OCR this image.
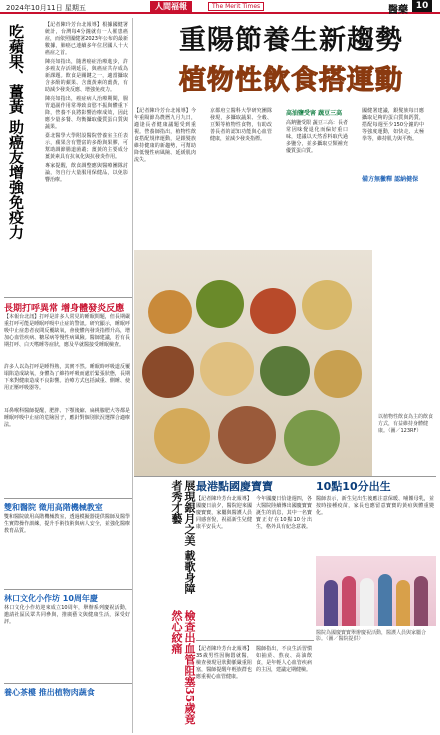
2024年10月11日 星期五	人間福報	The Merit Times	醫藥 10
吃蘋果、薑黃 助癌友增強免疫力

【記者陳玲芳台北報導】根據國健署統計，台灣每4分鐘就有一人罹患癌症，而依照國健署2023年公布的最新數據，肺癌已連續多年位居國人十大癌症之首。

陳亮如指出，隨著癌症治療進步，許多癌友存活期延長，與癌症共存成為新課題。飲食是關鍵之一，適當攝取含多酚的蘋果、含薑黃素的薑黃，有助減少發炎反應、增強免疫力。

陳亮如指出，癌症病人治療期間，腸胃道副作用常導致食慾不振與體重下降，營養不良將影響治療成效，因此應少量多餐、均衡攝取優質蛋白質與蔬果。

臺北醫學大學附設醫院營養室主任表示，蘋果含有豐富的多酚與果膠，可幫助調節腸道菌叢；薑黃的主要成分薑黃素具有抗氧化與抗發炎作用。

專家提醒，飲食調整應與醫療團隊討論，勿自行大量服用保健品，以免影響治療。

長期打呼異常 增身體發炎反應
【本報台北訊】打呼是許多人常見的睡眠問題，但長期嚴重打呼可能是睡眠呼吸中止症的警訊。研究顯示，睡眠呼吸中止症患者夜間反覆缺氧，會使體內發炎指標升高，增加心血管疾病、糖尿病等慢性病風險。醫師建議，若有長期打呼、白天嗜睡等症狀，應及早就醫接受睡眠檢查。
許多人以為打呼是睡得熟，其實不然。睡眠時呼吸道反覆塌陷造成缺氧，身體為了維持呼吸而處於緊張狀態，長期下來對健康造成不良影響。治療方式包括減重、側睡、使用正壓呼吸器等。
耳鼻喉科醫師提醒，肥胖、下顎後縮、扁桃腺肥大等都是睡眠呼吸中止症的危險因子，應針對個別狀況選擇合適療法。
雙和醫院 徵用高階機械教室
雙和醫院啟用高階機械教室，透過模擬器提供醫師及醫學生實際操作訓練，提升手術技術與病人安全，並強化醫療教育品質。
林口文化小作坊 10周年慶
林口文化小作坊迎來成立10周年，舉辦系列慶祝活動，邀請社區民眾共同參與，推廣藝文與健康生活，深受好評。
養心茶樓 推出植物肉蔬食
重陽節養生新趨勢
植物性飲食搭運動
【記者陳玲芳台北報導】今年重陽節為農曆九月九日，適逢長者健康議題受到重視。營養師指出，植物性飲食搭配規律運動，是銀髮族維持健康的新趨勢，可幫助降低慢性病風險、延緩肌肉流失。
京都府立醫科大學研究團隊發現，多攝取蔬果、全穀、豆類等植物性食物，有助改善長者的認知功能與心血管健康，並減少發炎指標。
高油鹽受害 蔬豆三高
高鈉鹽受限 蔬豆三高：長者常因味覺退化而偏好重口味，建議以天然香料取代過多鹽分，並多攝取豆類補充優質蛋白質。
備方無黴釋 認納健保
國健署建議，銀髮族每日應攝取足夠的蛋白質與鈣質，搭配每週至少150分鐘的中等強度運動，如快走、太極拳等，維持肌力與平衡。
以植物性飲食為主的飲食方式，有益維持身體健康。（圖／123RF）
展現銀月之美 載歌身障者秀才藝
檢查出血管阻塞35歲竟然心絞痛
最港點國慶寶寶	10點10分出生
【記者陳玲芳台北報導】國慶日前夕，醫院迎來國慶寶寶，家屬與醫護人員同感喜悅，祝福新生兒健康平安長大。
今年國慶日恰逢週四，各大醫院陸續傳出國慶寶寶誕生的消息，其中一名寶寶正好在10點10分出生，格外具有紀念意義。
醫師表示，新生兒出生後應注意保暖、哺餵母乳，並按時接種疫苗，家長也應留意寶寶的黃疸與體重變化。
醫院為國慶寶寶舉辦慶祝活動，醫護人員與家屬合影。（圖／醫院提供）
【記者陳玲芳台北報導】35歲男性因胸悶就醫，檢查發現冠狀動脈嚴重阻塞，醫師提醒年輕族群也應重視心血管健康。
醫師指出，不良生活習慣如抽菸、熬夜、高油飲食，是年輕人心血管疾病的主因，建議定期健檢。
